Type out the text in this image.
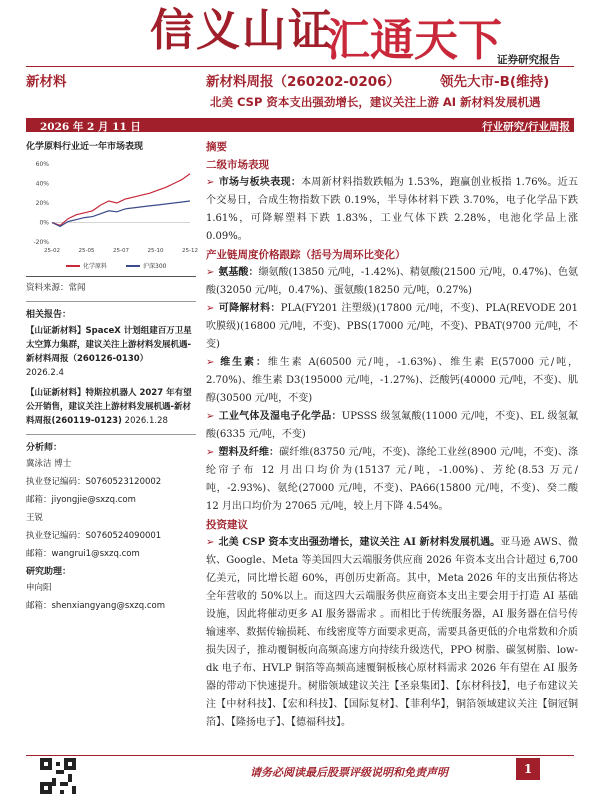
信义山证
汇通天下
证券研究报告
新材料	新材料周报（260202-0206）	领先大市-B(维持)
北美 CSP 资本支出强劲增长，建议关注上游 AI 新材料发展机遇
2026 年 2 月 11 日	行业研究/行业周报
化学原料行业近一年市场表现
60%
40%
20%
0%
-20%
25-02	25-05	25-07	25-10	25-12
化学原料	沪深300
资料来源：常闻
相关报告：
【山证新材料】SpaceX 计划组建百万卫星太空算力集群，建议关注上游材料发展机遇-新材料周报（260126-0130）
2026.2.4
【山证新材料】特斯拉机器人 2027 年有望公开销售，建议关注上游材料发展机遇-新材料周报(260119-0123) 2026.1.28
分析师：
冀泳洁 博士
执业登记编码：S0760523120002
邮箱：jiyongjie@sxzq.com
王锐
执业登记编码：S0760524090001
邮箱：wangrui1@sxzq.com
研究助理：
申向阳
邮箱：shenxiangyang@sxzq.com
摘要
二级市场表现

➢ 市场与板块表现：本周新材料指数跌幅为 1.53%，跑赢创业板指 1.76%。近五个交易日，合成生物指数下跌 0.19%，半导体材料下跌 3.70%，电子化学品下跌 1.61%，可降解塑料下跌 1.83%，工业气体下跌 2.28%，电池化学品上涨 0.09%。

产业链周度价格跟踪（括号为周环比变化）

➢ 氨基酸：缬氨酸(13850 元/吨，-1.42%)、精氨酸(21500 元/吨，0.47%)、色氨酸(32050 元/吨，0.47%)、蛋氨酸(18250 元/吨，0.27%)

➢ 可降解材料：PLA(FY201 注塑级)(17800 元/吨，不变)、PLA(REVODE 201 吹膜级)(16800 元/吨，不变)、PBS(17000 元/吨，不变)、PBAT(9700 元/吨，不变)

➢ 维生素：维生素 A(60500 元/吨，-1.63%)、维生素 E(57000 元/吨，2.70%)、维生素 D3(195000 元/吨，-1.27%)、泛酸钙(40000 元/吨，不变)、肌醇(30500 元/吨，不变)

➢ 工业气体及湿电子化学品：UPSSS 级氢氟酸(11000 元/吨，不变)、EL 级氢氟酸(6335 元/吨，不变)

➢ 塑料及纤维：碳纤维(83750 元/吨，不变)、涤纶工业丝(8900 元/吨，不变)、涤纶帘子布 12 月出口均价为(15137 元/吨，-1.00%)、芳纶(8.53 万元/吨，-2.93%)、氨纶(27000 元/吨，不变)、PA66(15800 元/吨，不变)、癸二酸 12 月出口均价为 27065 元/吨，较上月下降 4.54%。

投资建议

➢ 北美 CSP 资本支出强劲增长，建议关注 AI 新材料发展机遇。亚马逊 AWS、微软、Google、Meta 等美国四大云端服务供应商 2026 年资本支出合计超过 6,700 亿美元，同比增长超 60%，再创历史新高。其中，Meta 2026 年的支出预估将达全年营收的 50%以上。而这四大云端服务供应商资本支出主要会用于打造 AI 基础设施，因此将催动更多 AI 服务器需求 。而相比于传统服务器，AI 服务器在信号传输速率、数据传输损耗、布线密度等方面要求更高，需要具备更低的介电常数和介质损失因子，推动覆铜板向高频高速方向持续升级迭代，PPO 树脂、碳氢树脂、low-dk 电子布、HVLP 铜箔等高频高速覆铜板核心原材料需求 2026 年有望在 AI 服务器的带动下快速提升。树脂领域建议关注【圣泉集团】、【东材科技】，电子布建议关注【中材科技】、【宏和科技】、【国际复材】、【菲利华】，铜箔领域建议关注【铜冠铜箔】、【隆扬电子】、【德福科技】。

请务必阅读最后股票评级说明和免责声明	1
